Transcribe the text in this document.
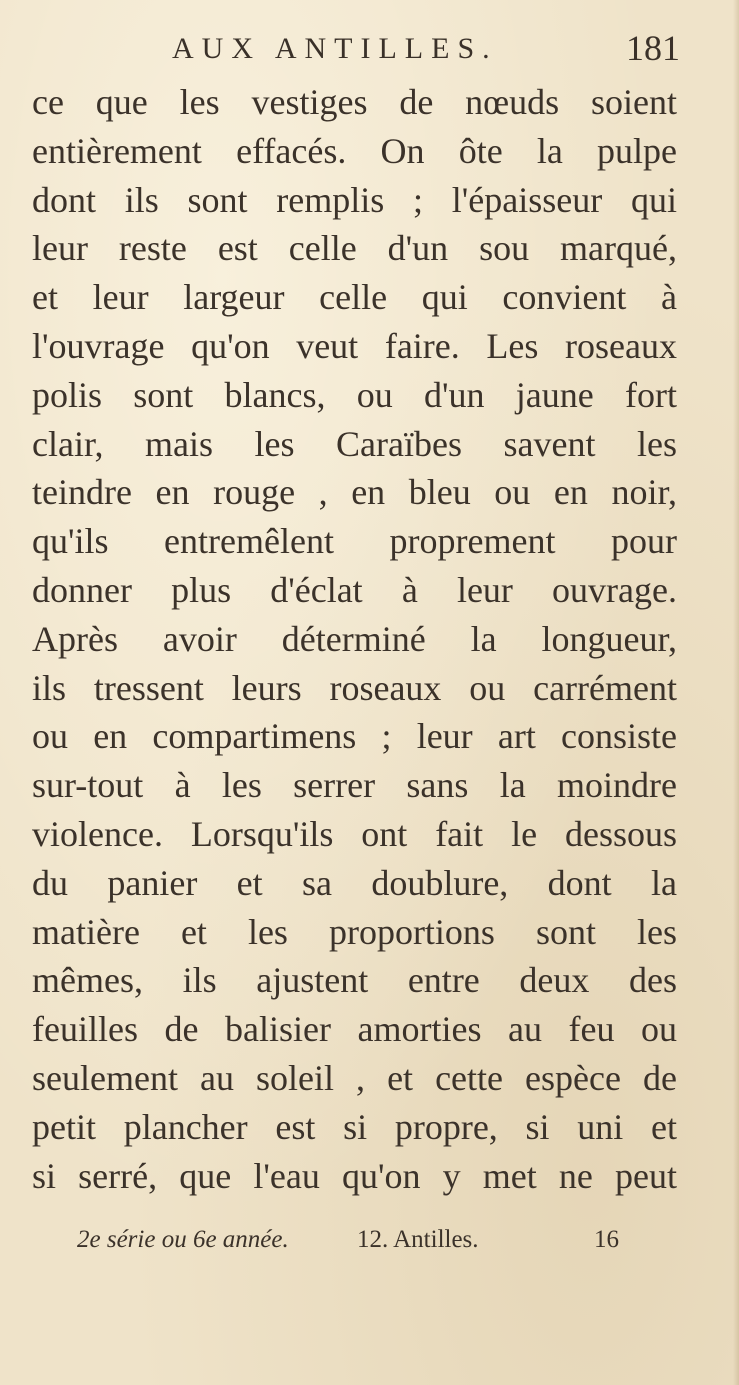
AUX ANTILLES.	181
ce que les vestiges de nœuds soient
entièrement effacés. On ôte la pulpe
dont ils sont remplis ; l'épaisseur qui
leur reste est celle d'un sou marqué,
et leur largeur celle qui convient à
l'ouvrage qu'on veut faire. Les roseaux
polis sont blancs, ou d'un jaune fort
clair, mais les Caraïbes savent les
teindre en rouge , en bleu ou en noir,
qu'ils entremêlent proprement pour
donner plus d'éclat à leur ouvrage.
Après avoir déterminé la longueur,
ils tressent leurs roseaux ou carrément
ou en compartimens ; leur art consiste
sur-tout à les serrer sans la moindre
violence. Lorsqu'ils ont fait le dessous
du panier et sa doublure, dont la
matière et les proportions sont les
mêmes, ils ajustent entre deux des
feuilles de balisier amorties au feu ou
seulement au soleil , et cette espèce de
petit plancher est si propre, si uni et
si serré, que l'eau qu'on y met ne peut
2e série ou 6e année.	12. Antilles.	16
